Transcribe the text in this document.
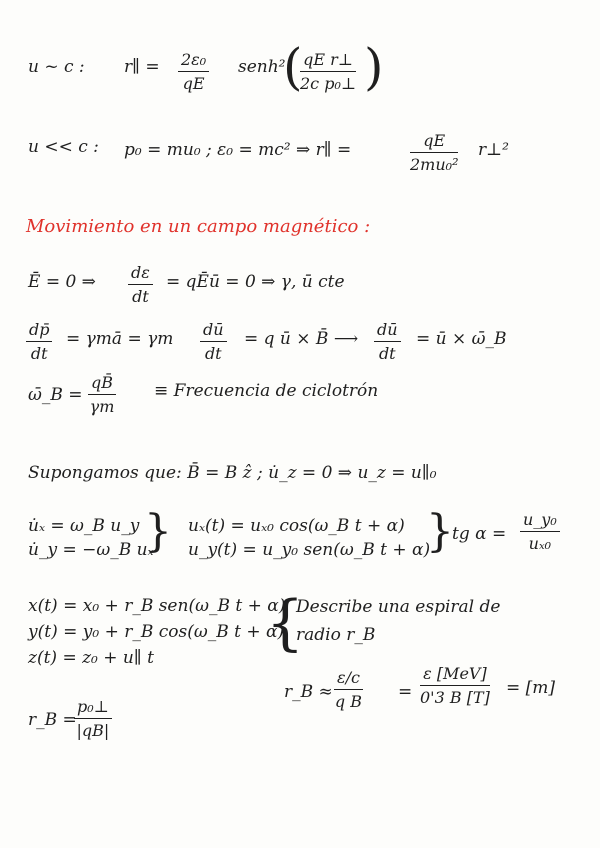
u ~ c : r∥ = $\frac{\text{2ε₀}}{qE}$ senh²
(
$\frac{\text{qE r⊥}}{\text{2c p₀⊥}}$ )
u << c : p₀ = mu₀ ; ε₀ = mc² ⇒ r∥ =	$\frac{qE}{\text{2mu₀²}}$ r⊥²
Movimiento en un campo magnético :
Ē = 0 ⇒ $\frac{d\varepsilon}{dt}$ = qĒū = 0 ⇒ γ, ū cte
$\frac{dp̄}{dt}$ = γmā = γm $\frac{dū}{dt} = q$ ū × B̄ ⟶ $\frac{dū}{dt}$ = ū × ω̄_B
ω̄_B = $\frac{qB̄}{\gamma m}$ ≡ Frecuencia de ciclotrón
Supongamos que: B̄ = B ẑ ; u̇_z = 0 ⇒ u_z = u∥₀
u̇ₓ = ω_B u_y
u̇_y = −ω_B uₓ
} uₓ(t) = uₓ₀ cos(ω_B t + α)
u_y(t) = u_y₀ sen(ω_B t + α)
}
tg $\alpha = \frac{\text{u\_y₀}}{\text{uₓ₀}}$
x(t) = x₀ + r_B sen(ω_B t + α)
y(t) = y₀ + r_B cos(ω_B t + α)
z(t) = z₀ + u∥ t {
Describe una espiral de
radio r_B
r_B ≈ $\frac{\varepsilon/c}{\text{q B}}$ =
ε [MeV]
0'3 B [T] = [m]
r_B =
$\frac{\text{p₀⊥}}{|qB|}$
